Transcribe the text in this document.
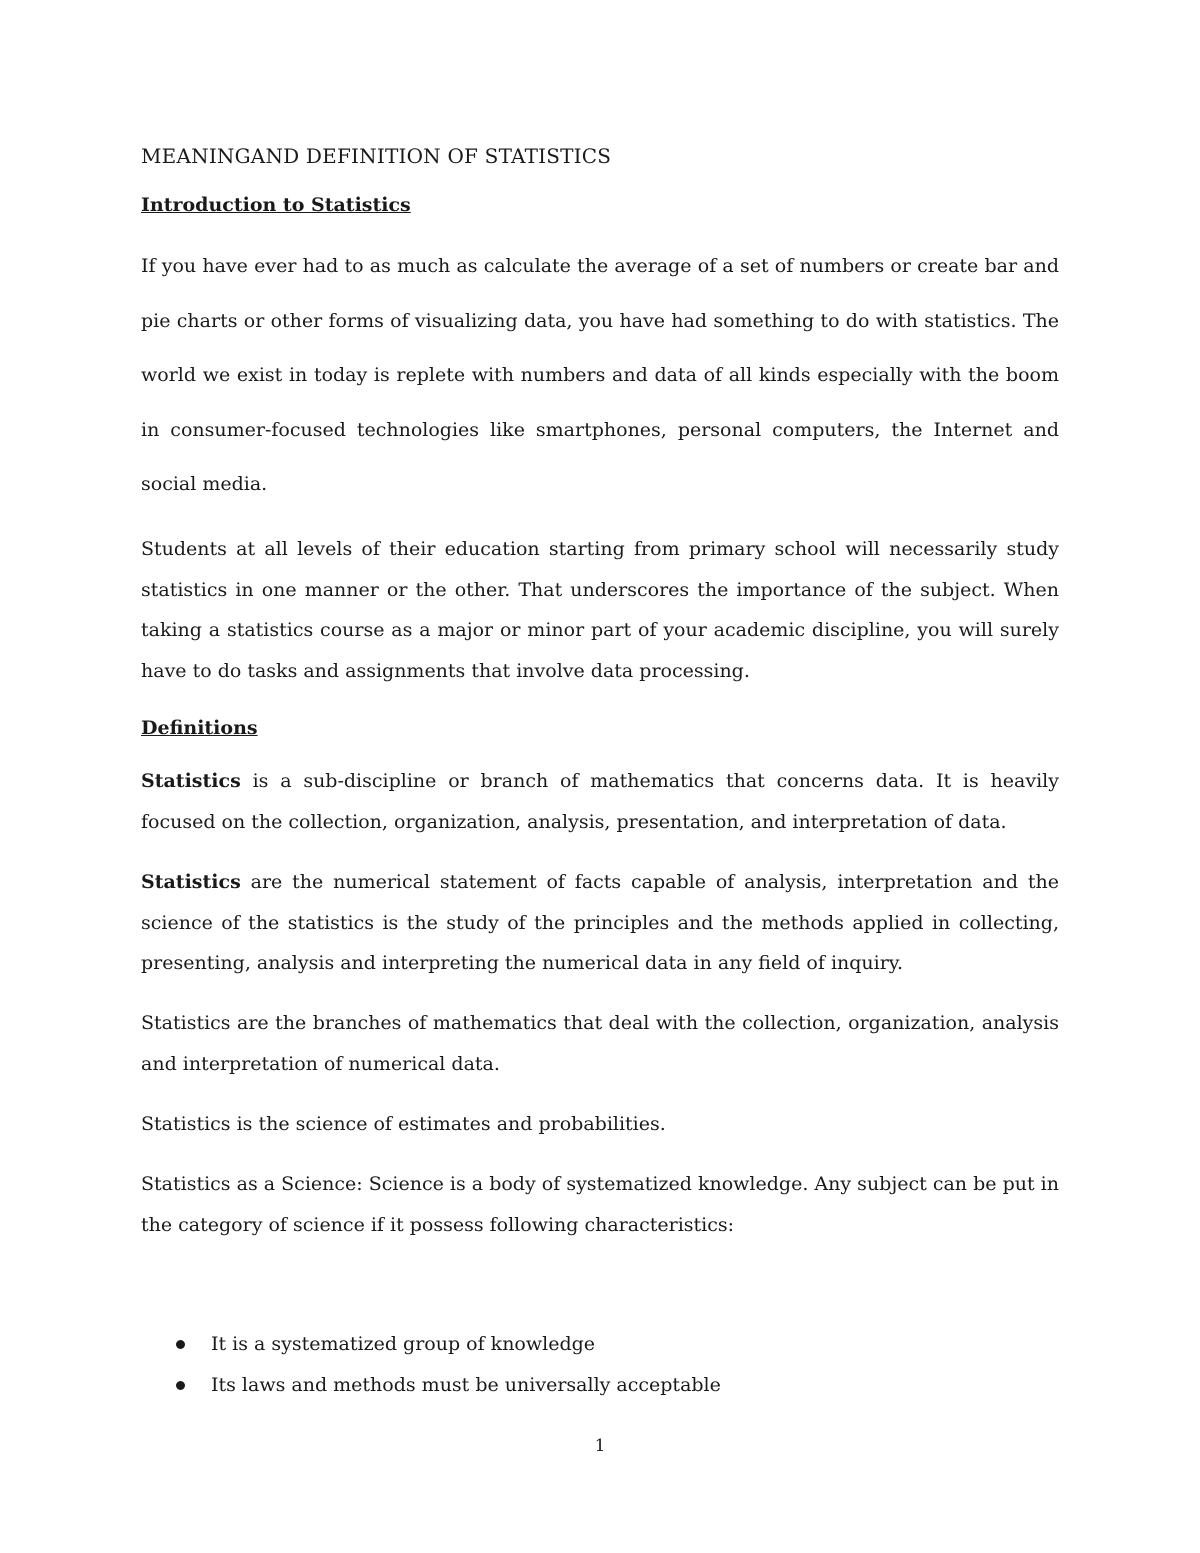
MEANINGAND DEFINITION OF STATISTICS
Introduction to Statistics

If you have ever had to as much as calculate the average of a set of numbers or create bar and pie charts or other forms of visualizing data, you have had something to do with statistics. The world we exist in today is replete with numbers and data of all kinds especially with the boom in consumer-focused technologies like smartphones, personal computers, the Internet and social media.

Students at all levels of their education starting from primary school will necessarily study statistics in one manner or the other. That underscores the importance of the subject. When taking a statistics course as a major or minor part of your academic discipline, you will surely have to do tasks and assignments that involve data processing.

Definitions

Statistics is a sub-discipline or branch of mathematics that concerns data. It is heavily focused on the collection, organization, analysis, presentation, and interpretation of data.

Statistics are the numerical statement of facts capable of analysis, interpretation and the science of the statistics is the study of the principles and the methods applied in collecting, presenting, analysis and interpreting the numerical data in any field of inquiry.

Statistics are the branches of mathematics that deal with the collection, organization, analysis and interpretation of numerical data.

Statistics is the science of estimates and probabilities.

Statistics as a Science: Science is a body of systematized knowledge. Any subject can be put in the category of science if it possess following characteristics:

It is a systematized group of knowledge
Its laws and methods must be universally acceptable

1
